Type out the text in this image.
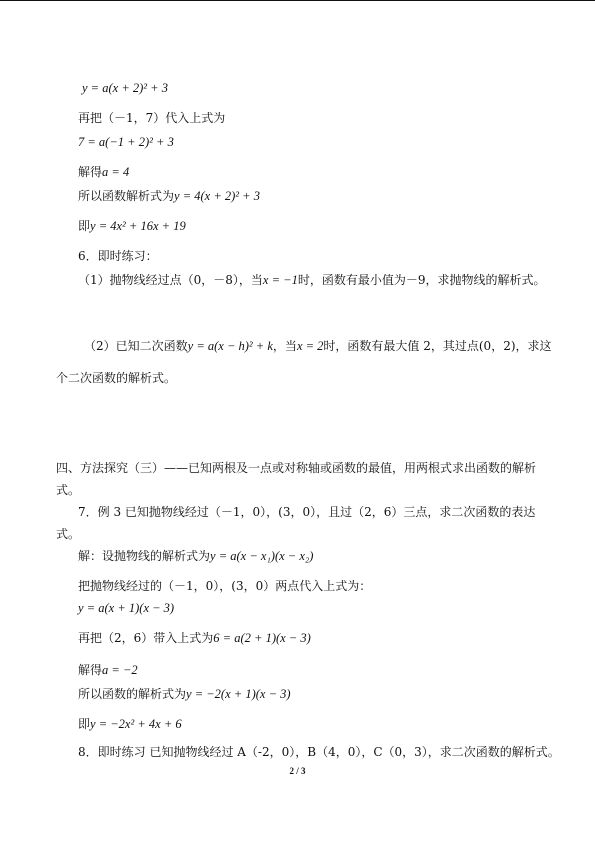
y = a(x + 2)² + 3
再把（－1，7）代入上式为
7 = a(−1 + 2)² + 3
解得a = 4
所以函数解析式为y = 4(x + 2)² + 3
即y = 4x² + 16x + 19
6．即时练习：
（1）抛物线经过点（0，－8），当x = −1时，函数有最小值为－9，求抛物线的解析式。
（2）已知二次函数y = a(x − h)² + k，当x = 2时，函数有最大值 2，其过点(0，2)，求这
个二次函数的解析式。
四、方法探究（三）——已知两根及一点或对称轴或函数的最值，用两根式求出函数的解析
式。
7．例 3 已知抛物线经过（－1，0），(3，0），且过（2，6）三点，求二次函数的表达
式。
解：设抛物线的解析式为y = a(x − x₁)(x − x₂)
把抛物线经过的（－1，0），(3，0）两点代入上式为：
y = a(x + 1)(x − 3)
再把（2，6）带入上式为6 = a(2 + 1)(x − 3)
解得a = −2
所以函数的解析式为y = −2(x + 1)(x − 3)
即y = −2x² + 4x + 6
8．即时练习 已知抛物线经过 A（-2，0），B（4，0），C（0，3），求二次函数的解析式。
2 / 3
